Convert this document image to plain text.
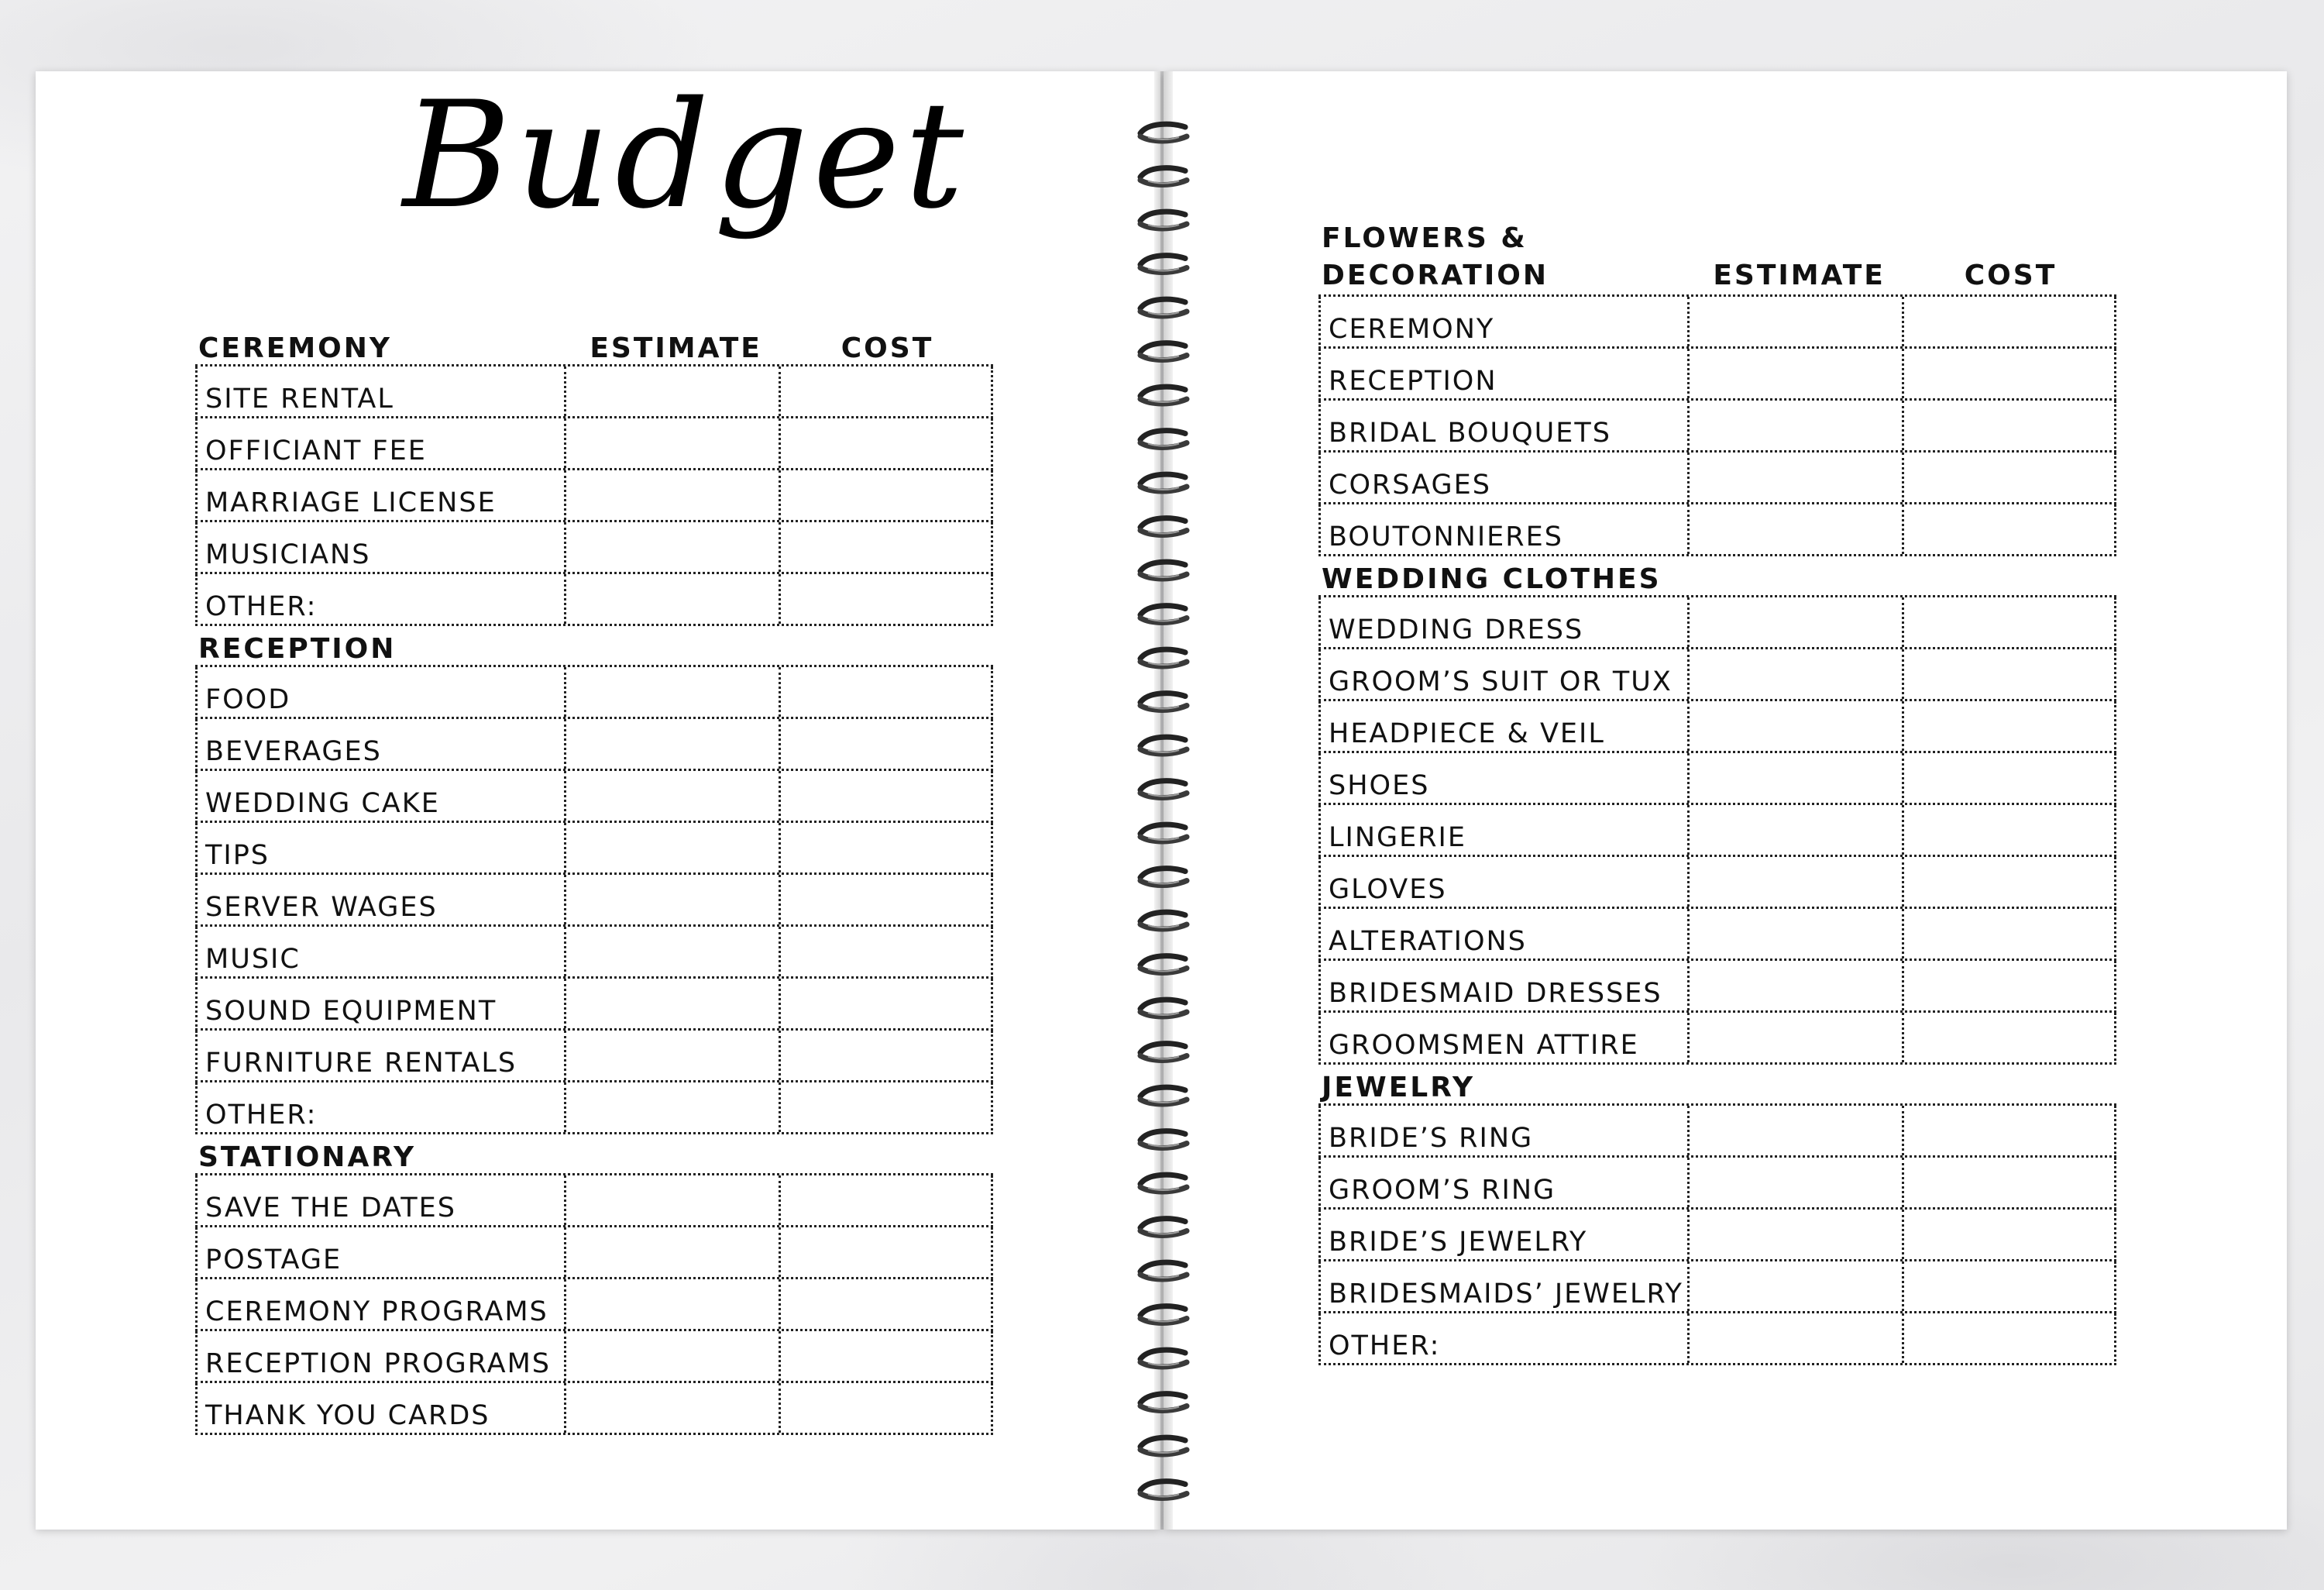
Budget
CEREMONY	ESTIMATE	COST
SITE RENTAL
OFFICIANT FEE
MARRIAGE LICENSE
MUSICIANS
OTHER:
RECEPTION
FOOD
BEVERAGES
WEDDING CAKE
TIPS
SERVER WAGES
MUSIC
SOUND EQUIPMENT
FURNITURE RENTALS
OTHER:
STATIONARY
SAVE THE DATES
POSTAGE
CEREMONY PROGRAMS
RECEPTION PROGRAMS
THANK YOU CARDS
FLOWERS &
DECORATION	ESTIMATE	COST
CEREMONY
RECEPTION
BRIDAL BOUQUETS
CORSAGES
BOUTONNIERES
WEDDING CLOTHES
WEDDING DRESS
GROOM’S SUIT OR TUX
HEADPIECE & VEIL
SHOES
LINGERIE
GLOVES
ALTERATIONS
BRIDESMAID DRESSES
GROOMSMEN ATTIRE
JEWELRY
BRIDE’S RING
GROOM’S RING
BRIDE’S JEWELRY
BRIDESMAIDS’ JEWELRY
OTHER:
